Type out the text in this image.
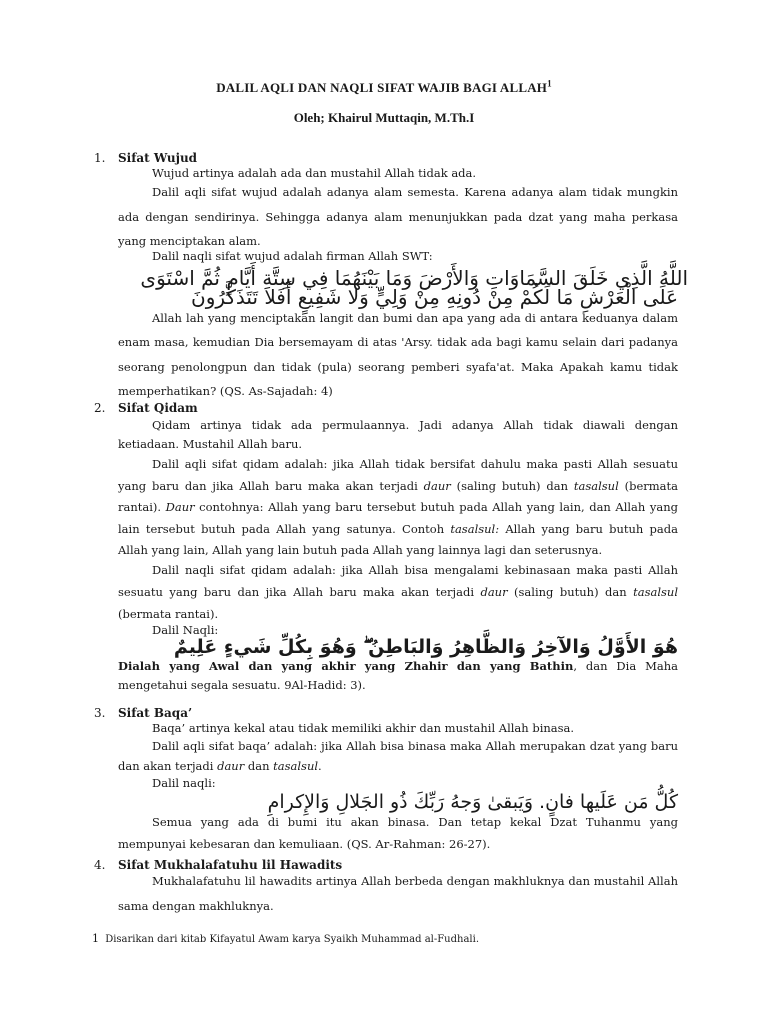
DALIL AQLI DAN NAQLI SIFAT WAJIB BAGI ALLAH$^1$
Oleh; Khairul Muttaqin, M.Th.I
1. Sifat Wujud

Wujud artinya adalah ada dan mustahil Allah tidak ada.

Dalil aqli sifat wujud adalah adanya alam semesta. Karena adanya alam tidak mungkin ada dengan sendirinya. Sehingga adanya alam menunjukkan pada dzat yang maha perkasa yang menciptakan alam.

Dalil naqli sifat wujud adalah firman Allah SWT:

اللَّهُ الَّذِي خَلَقَ السَّمَاوَاتِ وَالأَرْضَ وَمَا بَيْنَهُمَا فِي سِتَّةِ أَيَّامٍ ثُمَّ اسْتَوَى

عَلَى الْعَرْشِ مَا لَكُمْ مِنْ دُونِهِ مِنْ وَلِيٍّ وَلا شَفِيعٍ أَفَلا تَتَذَكَّرُونَ

Allah lah yang menciptakan langit dan bumi dan apa yang ada di antara keduanya dalam enam masa, kemudian Dia bersemayam di atas 'Arsy. tidak ada bagi kamu selain dari padanya seorang penolongpun dan tidak (pula) seorang pemberi syafa'at. Maka Apakah kamu tidak memperhatikan? (QS. As-Sajadah: 4)

2. Sifat Qidam

Qidam artinya tidak ada permulaannya. Jadi adanya Allah tidak diawali dengan ketiadaan. Mustahil Allah baru.

Dalil aqli sifat qidam adalah: jika Allah tidak bersifat dahulu maka pasti Allah sesuatu yang baru dan jika Allah baru maka akan terjadi daur (saling butuh) dan tasalsul (bermata rantai). Daur contohnya: Allah yang baru tersebut butuh pada Allah yang lain, dan Allah yang lain tersebut butuh pada Allah yang satunya. Contoh tasalsul: Allah yang baru butuh pada Allah yang lain, Allah yang lain butuh pada Allah yang lainnya lagi dan seterusnya.

Dalil naqli sifat qidam adalah: jika Allah bisa mengalami kebinasaan maka pasti Allah sesuatu yang baru dan jika Allah baru maka akan terjadi daur (saling butuh) dan tasalsul (bermata rantai).

Dalil Naqli:

هُوَ الأَوَّلُ وَالآخِرُ وَالظَّاهِرُ وَالبَاطِنُ ۖ وَهُوَ بِكُلِّ شَيءٍ عَلِيمٌ

Dialah yang Awal dan yang akhir yang Zhahir dan yang Bathin, dan Dia Maha mengetahui segala sesuatu. 9Al-Hadid: 3).

3. Sifat Baqa’

Baqa’ artinya kekal atau tidak memiliki akhir dan mustahil Allah binasa.

Dalil aqli sifat baqa’ adalah: jika Allah bisa binasa maka Allah merupakan dzat yang baru dan akan terjadi daur dan tasalsul.

Dalil naqli:

كُلُّ مَن عَلَيها فانٍ. وَيَبقىٰ وَجهُ رَبِّكَ ذُو الجَلالِ وَالإِكرامِ

Semua yang ada di bumi itu akan binasa. Dan tetap kekal Dzat Tuhanmu yang mempunyai kebesaran dan kemuliaan. (QS. Ar-Rahman: 26-27).

4. Sifat Mukhalafatuhu lil Hawadits

Mukhalafatuhu lil hawadits artinya Allah berbeda dengan makhluknya dan mustahil Allah sama dengan makhluknya.

1 Disarikan dari kitab Kifayatul Awam karya Syaikh Muhammad al-Fudhali.
